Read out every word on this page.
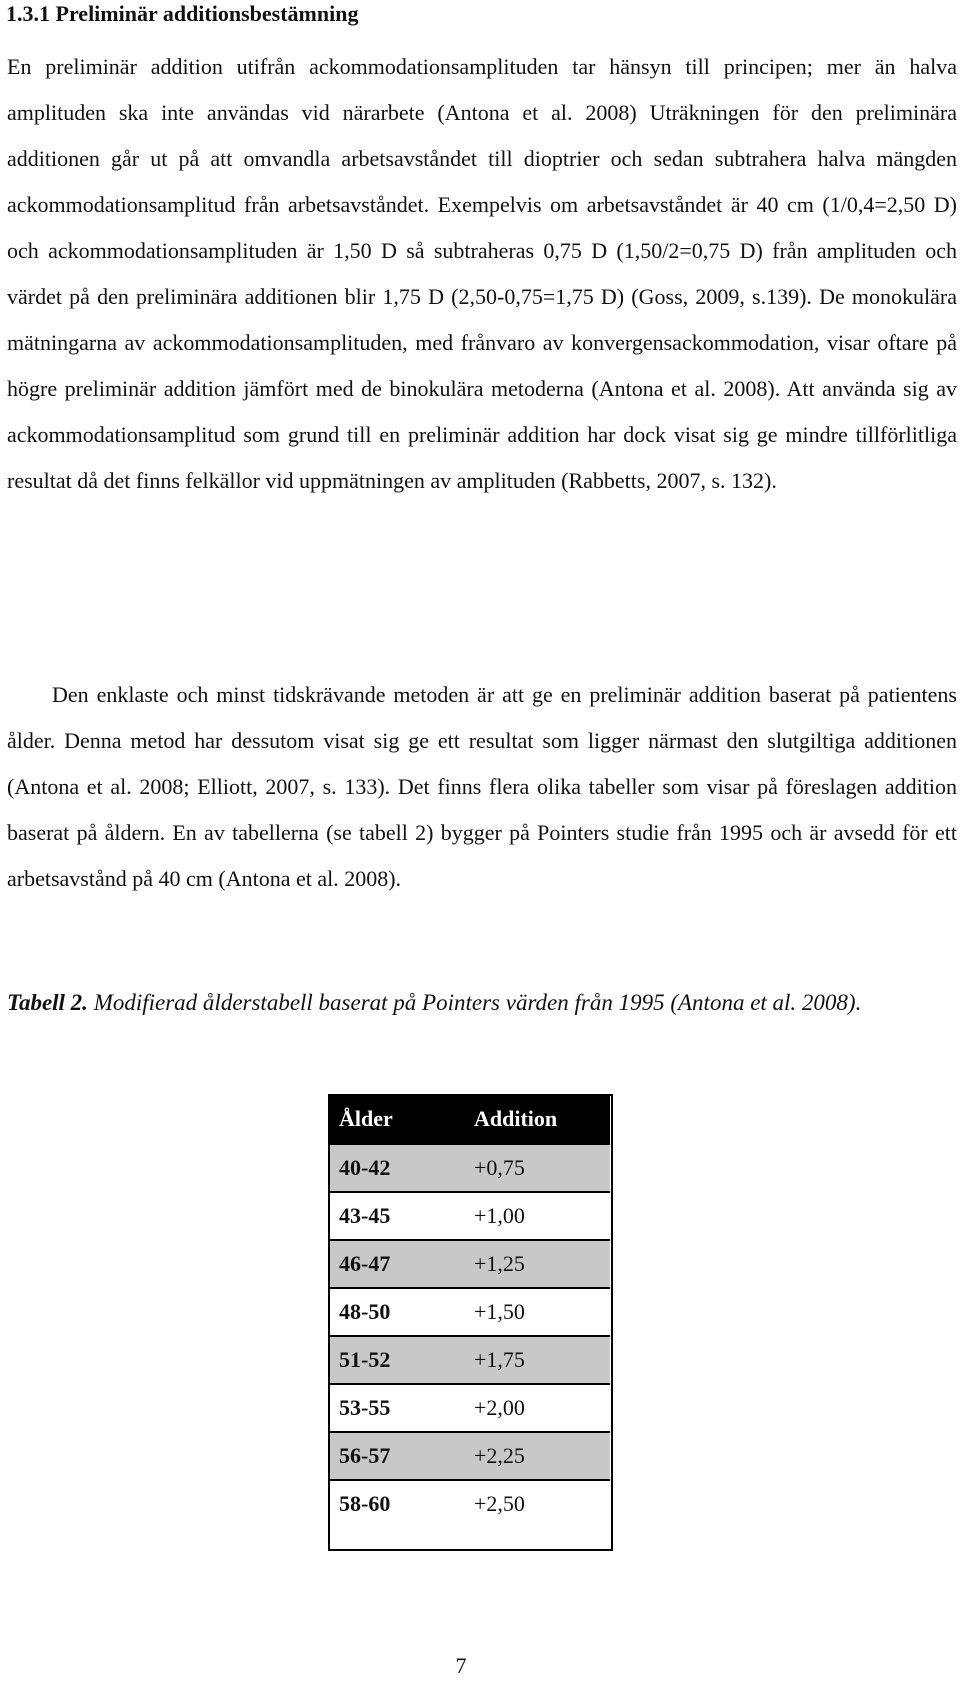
1.3.1 Preliminär additionsbestämning

En preliminär addition utifrån ackommodationsamplituden tar hänsyn till principen; mer än halva amplituden ska inte användas vid närarbete (Antona et al. 2008) Uträkningen för den preliminära additionen går ut på att omvandla arbetsavståndet till dioptrier och sedan subtrahera halva mängden ackommodationsamplitud från arbetsavståndet. Exempelvis om arbetsavståndet är 40 cm (1/0,4=2,50 D) och ackommodationsamplituden är 1,50 D så subtraheras 0,75 D (1,50/2=0,75 D) från amplituden och värdet på den preliminära additionen blir 1,75 D (2,50-0,75=1,75 D) (Goss, 2009, s.139). De monokulära mätningarna av ackommodationsamplituden, med frånvaro av konvergensackommodation, visar oftare på högre preliminär addition jämfört med de binokulära metoderna (Antona et al. 2008). Att använda sig av ackommodationsamplitud som grund till en preliminär addition har dock visat sig ge mindre tillförlitliga resultat då det finns felkällor vid uppmätningen av amplituden (Rabbetts, 2007, s. 132).

Den enklaste och minst tidskrävande metoden är att ge en preliminär addition baserat på patientens ålder. Denna metod har dessutom visat sig ge ett resultat som ligger närmast den slutgiltiga additionen (Antona et al. 2008; Elliott, 2007, s. 133). Det finns flera olika tabeller som visar på föreslagen addition baserat på åldern. En av tabellerna (se tabell 2) bygger på Pointers studie från 1995 och är avsedd för ett arbetsavstånd på 40 cm (Antona et al. 2008).

Tabell 2. Modifierad ålderstabell baserat på Pointers värden från 1995 (Antona et al. 2008).
Ålder	Addition
40-42	+0,75
43-45	+1,00
46-47	+1,25
48-50	+1,50
51-52	+1,75
53-55	+2,00
56-57	+2,25
58-60	+2,50
7
